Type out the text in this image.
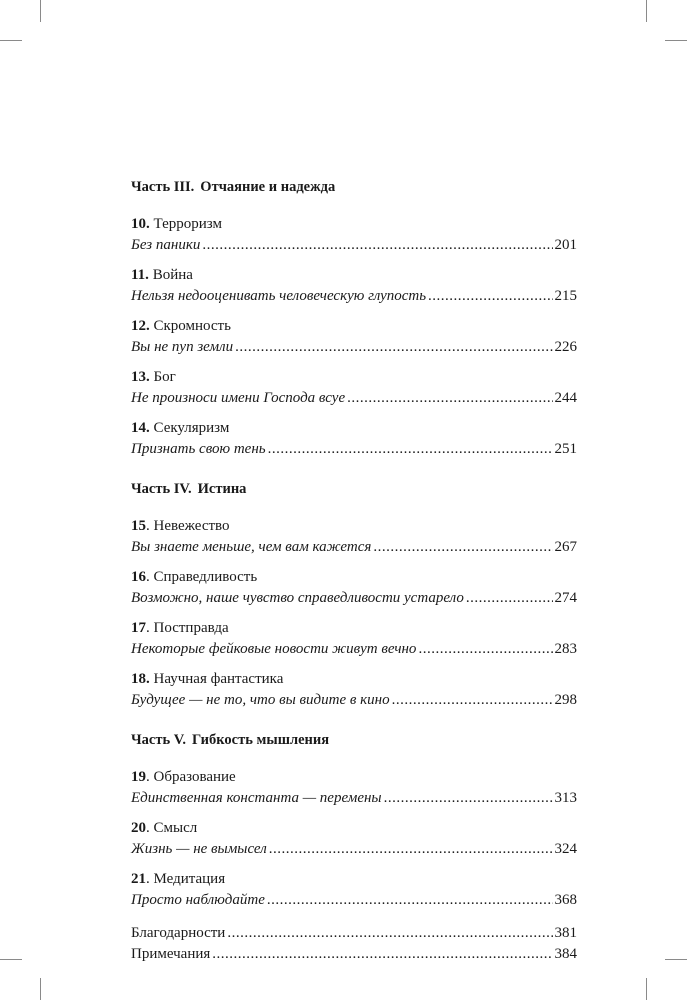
Часть III. Отчаяние и надежда

10. Терроризм
Без паники .....	201
11. Война
Нельзя недооценивать человеческую глупость .....	215
12. Скромность
Вы не пуп земли .....	226
13. Бог
Не произноси имени Господа всуе .....	244
14. Секуляризм
Признать свою тень .....	251

Часть IV. Истина

15. Невежество
Вы знаете меньше, чем вам кажется .....	267
16. Справедливость
Возможно, наше чувство справедливости устарело .....	274
17. Постправда
Некоторые фейковые новости живут вечно .....	283
18. Научная фантастика
Будущее — не то, что вы видите в кино .....	298

Часть V. Гибкость мышления

19. Образование
Единственная константа — перемены .....	313
20. Смысл
Жизнь — не вымысел .....	324
21. Медитация
Просто наблюдайте .....	368
Благодарности .....	381
Примечания .....	384
